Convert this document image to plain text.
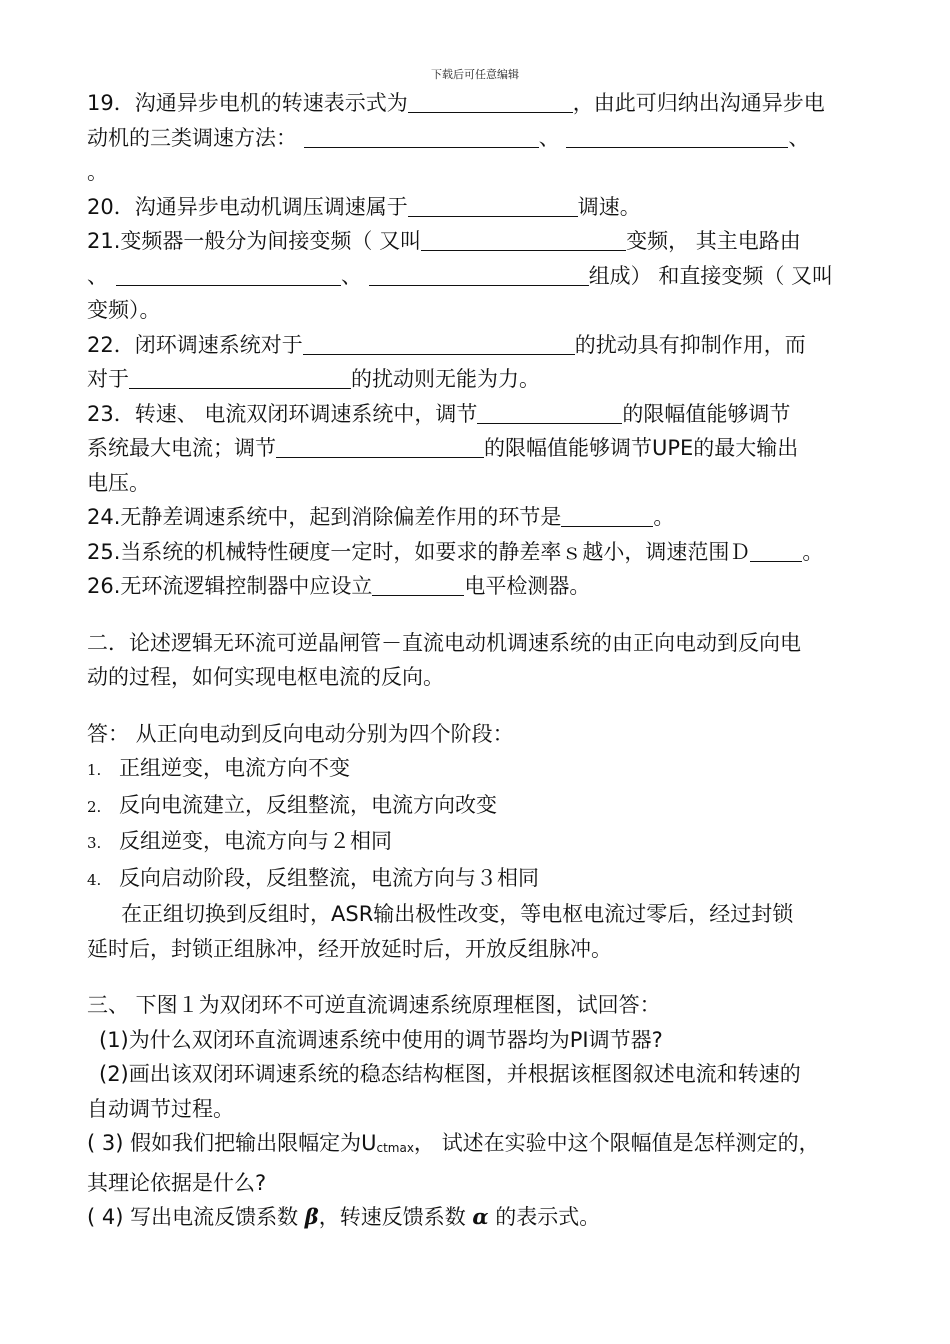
下载后可任意编辑
19．沟通异步电机的转速表示式为	，由此可归纳出沟通异步电
动机的三类调速方法：	、	、
。
20．沟通异步电动机调压调速属于	调速。
21.变频器一般分为间接变频（ 又叫	变频， 其主电路由
、	、	组成） 和直接变频（ 又叫
变频）。
22．闭环调速系统对于	的扰动具有抑制作用，而
对于	的扰动则无能为力。
23．转速、 电流双闭环调速系统中，调节	的限幅值能够调节
系统最大电流；调节	的限幅值能够调节UPE的最大输出
电压。
24.无静差调速系统中，起到消除偏差作用的环节是	。
25.当系统的机械特性硬度一定时，如要求的静差率ｓ越小，调速范围Ｄ 。
26.无环流逻辑控制器中应设立	电平检测器。
二．论述逻辑无环流可逆晶闸管－直流电动机调速系统的由正向电动到反向电
动的过程，如何实现电枢电流的反向。
答： 从正向电动到反向电动分别为四个阶段：
1. 正组逆变，电流方向不变
2. 反向电流建立，反组整流，电流方向改变
3. 反组逆变，电流方向与２相同
4. 反向启动阶段，反组整流，电流方向与３相同
在正组切换到反组时，ASR输出极性改变，等电枢电流过零后，经过封锁
延时后，封锁正组脉冲，经开放延时后，开放反组脉冲。
三、 下图１为双闭环不可逆直流调速系统原理框图，试回答：
(1)为什么双闭环直流调速系统中使用的调节器均为PI调节器?
(2)画出该双闭环调速系统的稳态结构框图，并根据该框图叙述电流和转速的
自动调节过程。
( 3) 假如我们把输出限幅定为Uctmax， 试述在实验中这个限幅值是怎样测定的，
其理论依据是什么?
( 4) 写出电流反馈系数 β，转速反馈系数 α 的表示式。
